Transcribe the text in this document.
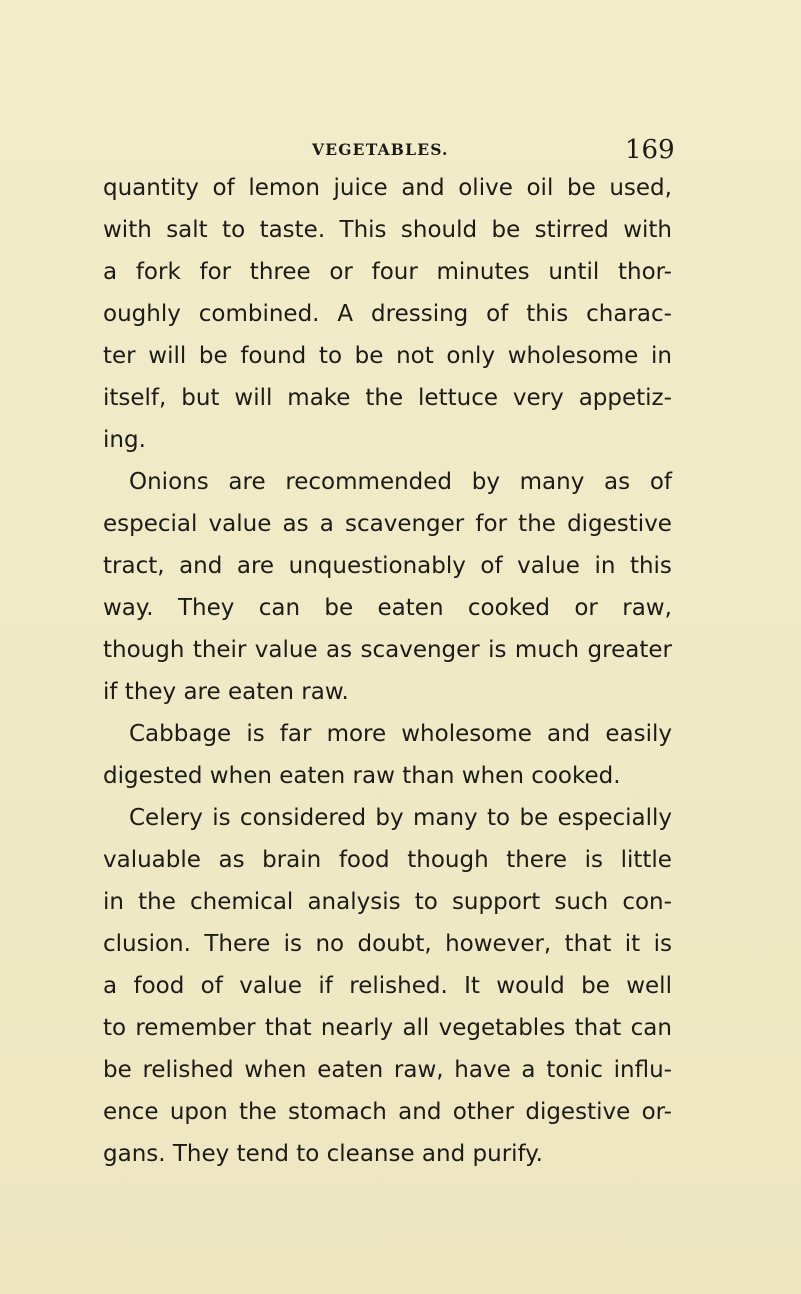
VEGETABLES.	169
quantity of lemon juice and olive oil be used,
with salt to taste. This should be stirred with
a fork for three or four minutes until thor-
oughly combined. A dressing of this charac-
ter will be found to be not only wholesome in
itself, but will make the lettuce very appetiz-
ing.
Onions are recommended by many as of
especial value as a scavenger for the digestive
tract, and are unquestionably of value in this
way. They can be eaten cooked or raw,
though their value as scavenger is much greater
if they are eaten raw.
Cabbage is far more wholesome and easily
digested when eaten raw than when cooked.
Celery is considered by many to be especially
valuable as brain food though there is little
in the chemical analysis to support such con-
clusion. There is no doubt, however, that it is
a food of value if relished. It would be well
to remember that nearly all vegetables that can
be relished when eaten raw, have a tonic influ-
ence upon the stomach and other digestive or-
gans. They tend to cleanse and purify.
